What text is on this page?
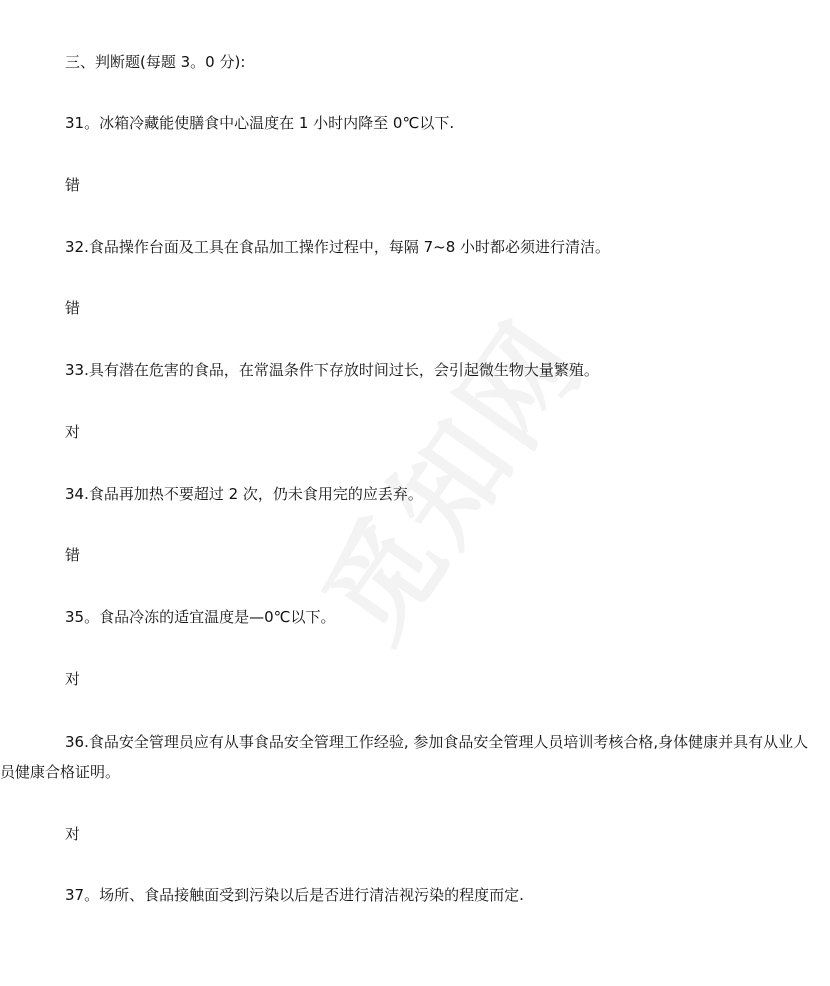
三、判断题(每题 3。0 分):
31。冰箱冷藏能使膳食中心温度在 1 小时内降至 0℃以下.
错
32.食品操作台面及工具在食品加工操作过程中，每隔 7~8 小时都必须进行清洁。
错
33.具有潜在危害的食品，在常温条件下存放时间过长，会引起微生物大量繁殖。
对
34.食品再加热不要超过 2 次，仍未食用完的应丢弃。
错
35。食品冷冻的适宜温度是—0℃以下。
对

36.食品安全管理员应有从事食品安全管理工作经验, 参加食品安全管理人员培训考核合格,身体健康并具有从业人员健康合格证明。

对
37。场所、食品接触面受到污染以后是否进行清洁视污染的程度而定.
